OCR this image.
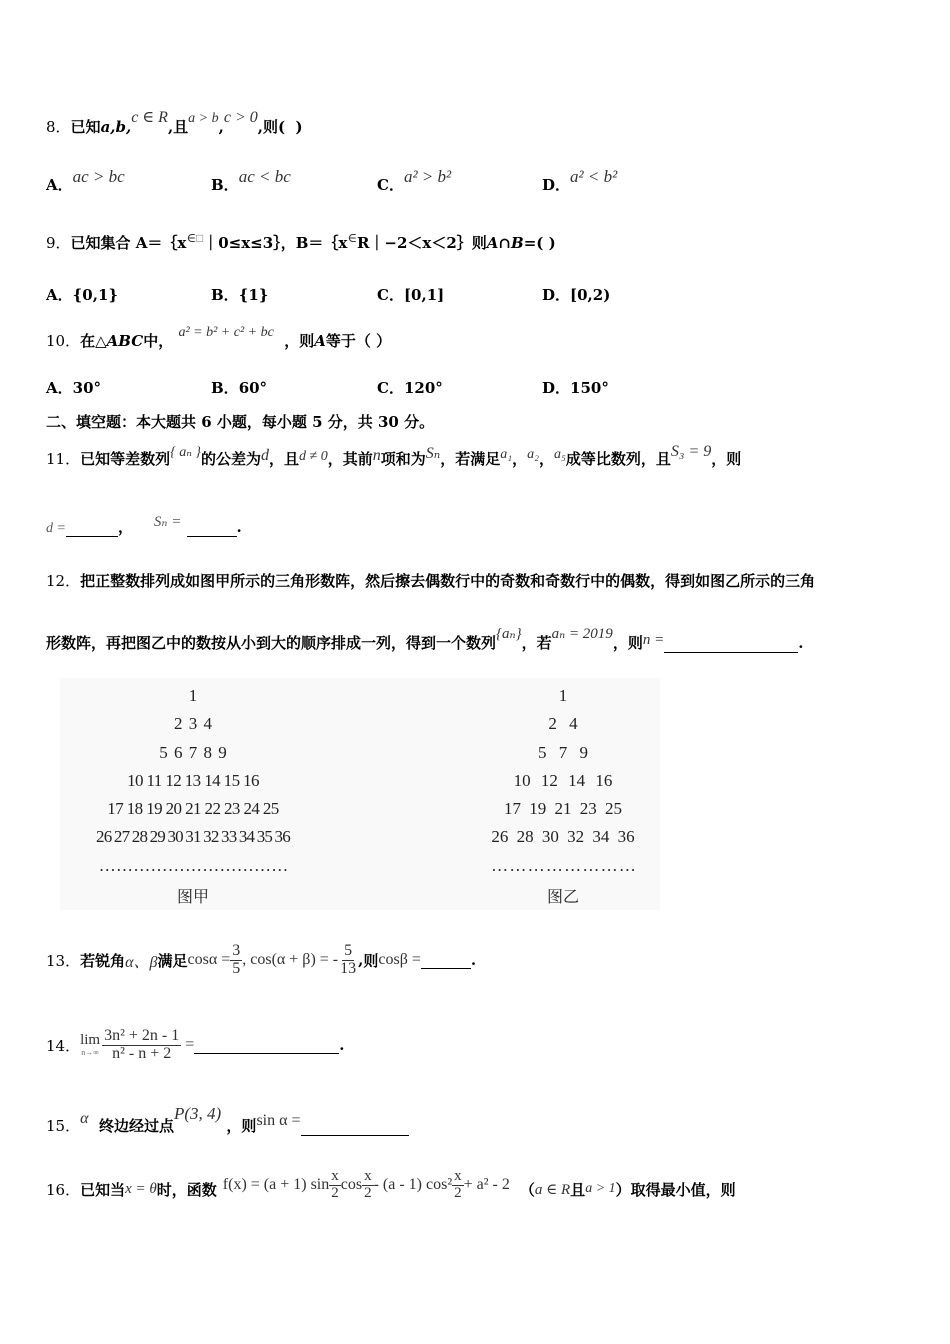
8．已知a,b,c ∈ R,且a > b,c > 0,则( )
A．ac > bc	B．ac < bc	C．a² > b²	D．a² < b²
9．已知集合 A＝｛x∈□｜0≤x≤3｝，B＝｛x∈R｜−2＜x＜2｝则A∩B=( )
A．{0,1}	B．{1}	C．[0,1]	D．[0,2)
10．在△ABC中， a² = b² + c² + bc ，则A等于（ ）
A．30°	B．60°	C．120°	D．150°
二、填空题：本大题共 6 小题，每小题 5 分，共 30 分。
11．已知等差数列{ aₙ }的公差为d，且d ≠ 0，其前n项和为Sₙ，若满足a₁，a₂，a₅成等比数列，且S₃ = 9，则
d =	， Sₙ =	.
12．把正整数排列成如图甲所示的三角形数阵，然后擦去偶数行中的奇数和奇数行中的偶数，得到如图乙所示的三角
形数阵，再把图乙中的数按从小到大的顺序排成一列，得到一个数列{aₙ}，若aₙ = 2019，则n =	.
1
2 3 4
5 6 7 8 9
10 11 12 13 14 15 16
17 18 19 20 21 22 23 24 25
26 27 28 29 30 31 32 33 34 35 36
… … … … … … … … … … …
图甲
1
2 4
5 7 9
10 12 14 16
17 19 21 23 25
26 28 30 32 34 36
… … … … … … … …
图乙
13． 若锐角 α、β 满足 $\cos\alpha = \frac{3}{5}$ , cos(α + β) = - $\frac{5}{13}$ , 则 cosβ =	.
14． lim
$n\to\infty \frac{\text{3n² + 2n - 1}}{\text{n² - n + 2}}$ =	.
15．α 终边经过点P(3, 4) ，则sin α =
16． 已知当 x = θ 时，函数 f(x) = (a + 1) $\sin \frac{x}{2}$ $\cos \frac{x}{2} - (a - 1)$ $\cos^2 \frac{x}{2} + a^2 - 2$ （ a ∈ R 且 a > 1 ）取得最小值，则
